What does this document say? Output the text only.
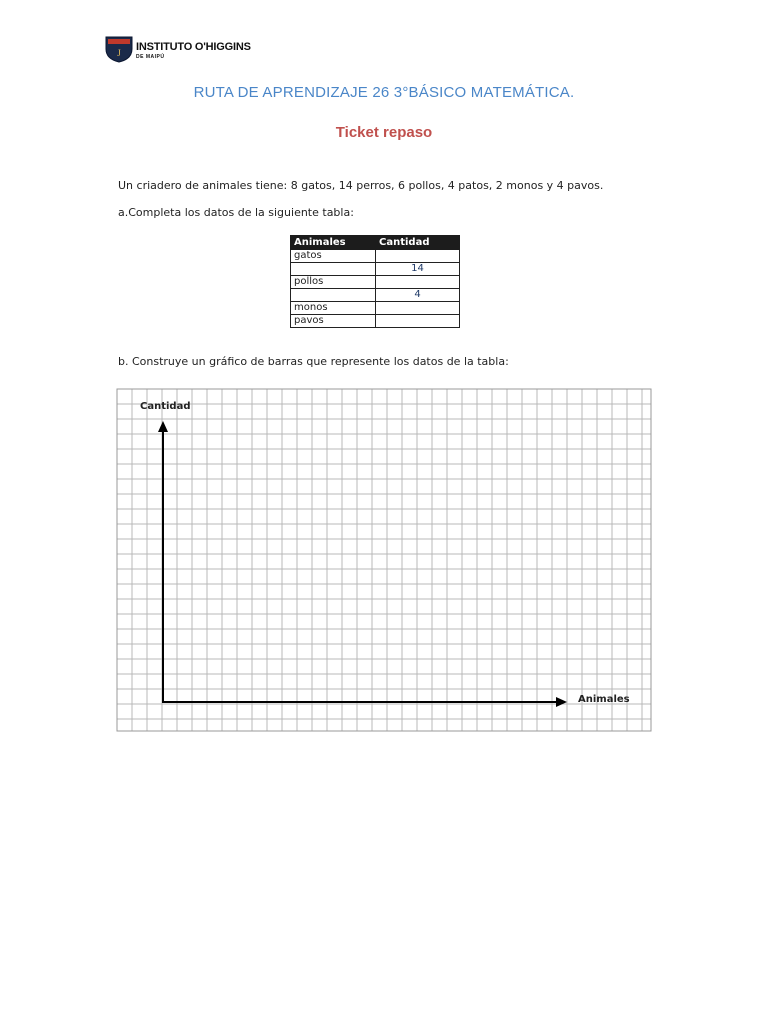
J INSTITUTO O'HIGGINS
DE MAIPÚ
RUTA DE APRENDIZAJE 26 3°BÁSICO MATEMÁTICA.
Ticket repaso
Un criadero de animales tiene: 8 gatos, 14 perros, 6 pollos, 4 patos, 2 monos y 4 pavos.
a.Completa los datos de la siguiente tabla:
Animales	Cantidad
gatos	
	14
pollos	
	4
monos	
pavos	
b. Construye un gráfico de barras que represente los datos de la tabla:
Cantidad
Animales
